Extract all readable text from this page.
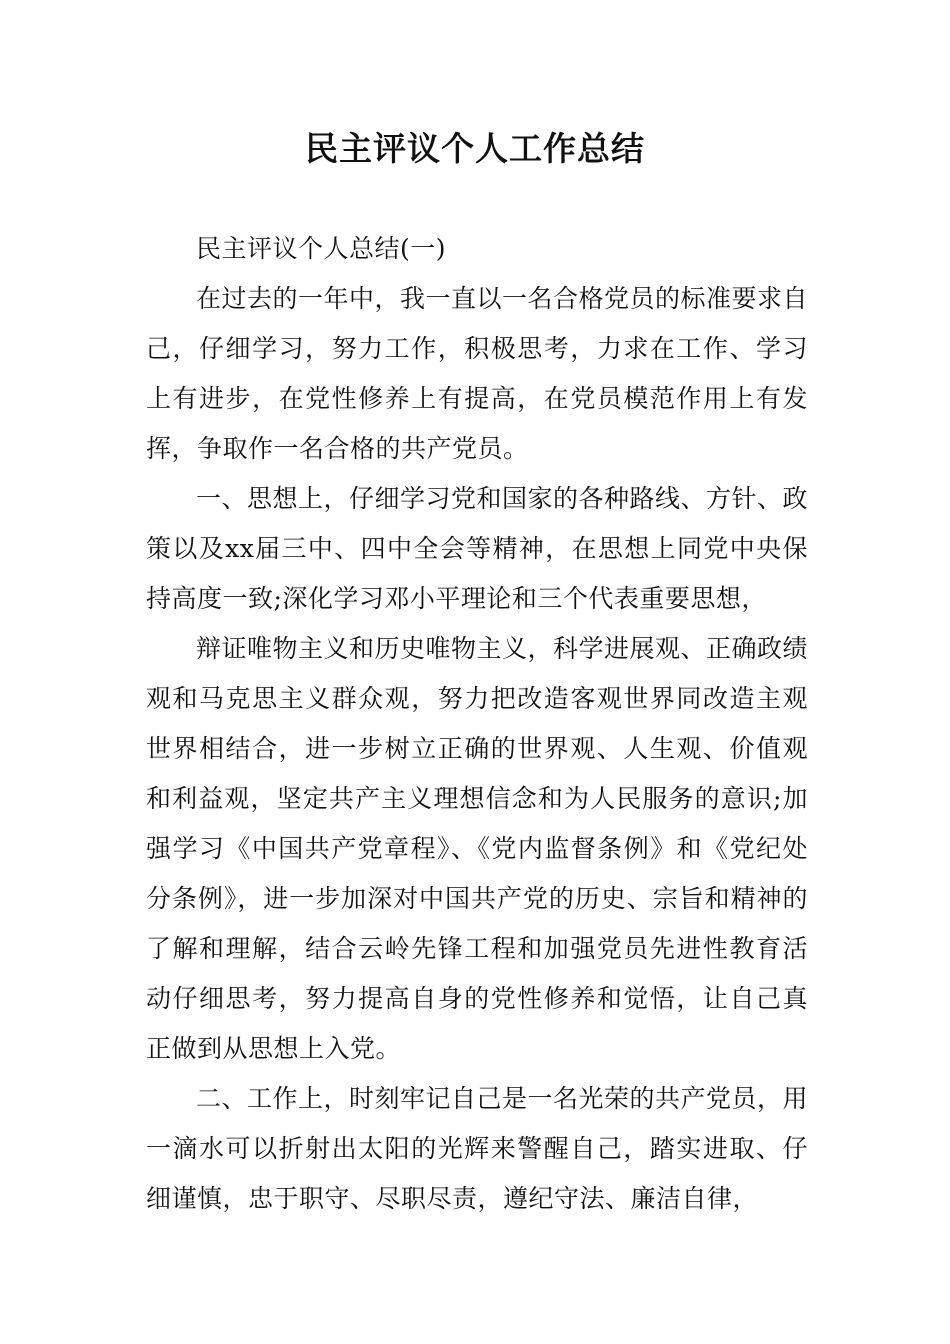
民主评议个人工作总结

民主评议个人总结(一)

在过去的一年中，我一直以一名合格党员的标准要求自己，仔细学习，努力工作，积极思考，力求在工作、学习上有进步，在党性修养上有提高，在党员模范作用上有发挥，争取作一名合格的共产党员。

一、思想上，仔细学习党和国家的各种路线、方针、政策以及xx届三中、四中全会等精神，在思想上同党中央保持高度一致;深化学习邓小平理论和三个代表重要思想，

辩证唯物主义和历史唯物主义，科学进展观、正确政绩观和马克思主义群众观，努力把改造客观世界同改造主观世界相结合，进一步树立正确的世界观、人生观、价值观和利益观，坚定共产主义理想信念和为人民服务的意识;加强学习《中国共产党章程》、《党内监督条例》和《党纪处分条例》，进一步加深对中国共产党的历史、宗旨和精神的了解和理解，结合云岭先锋工程和加强党员先进性教育活动仔细思考，努力提高自身的党性修养和觉悟，让自己真正做到从思想上入党。

二、工作上，时刻牢记自己是一名光荣的共产党员，用一滴水可以折射出太阳的光辉来警醒自己，踏实进取、仔细谨慎，忠于职守、尽职尽责，遵纪守法、廉洁自律，
